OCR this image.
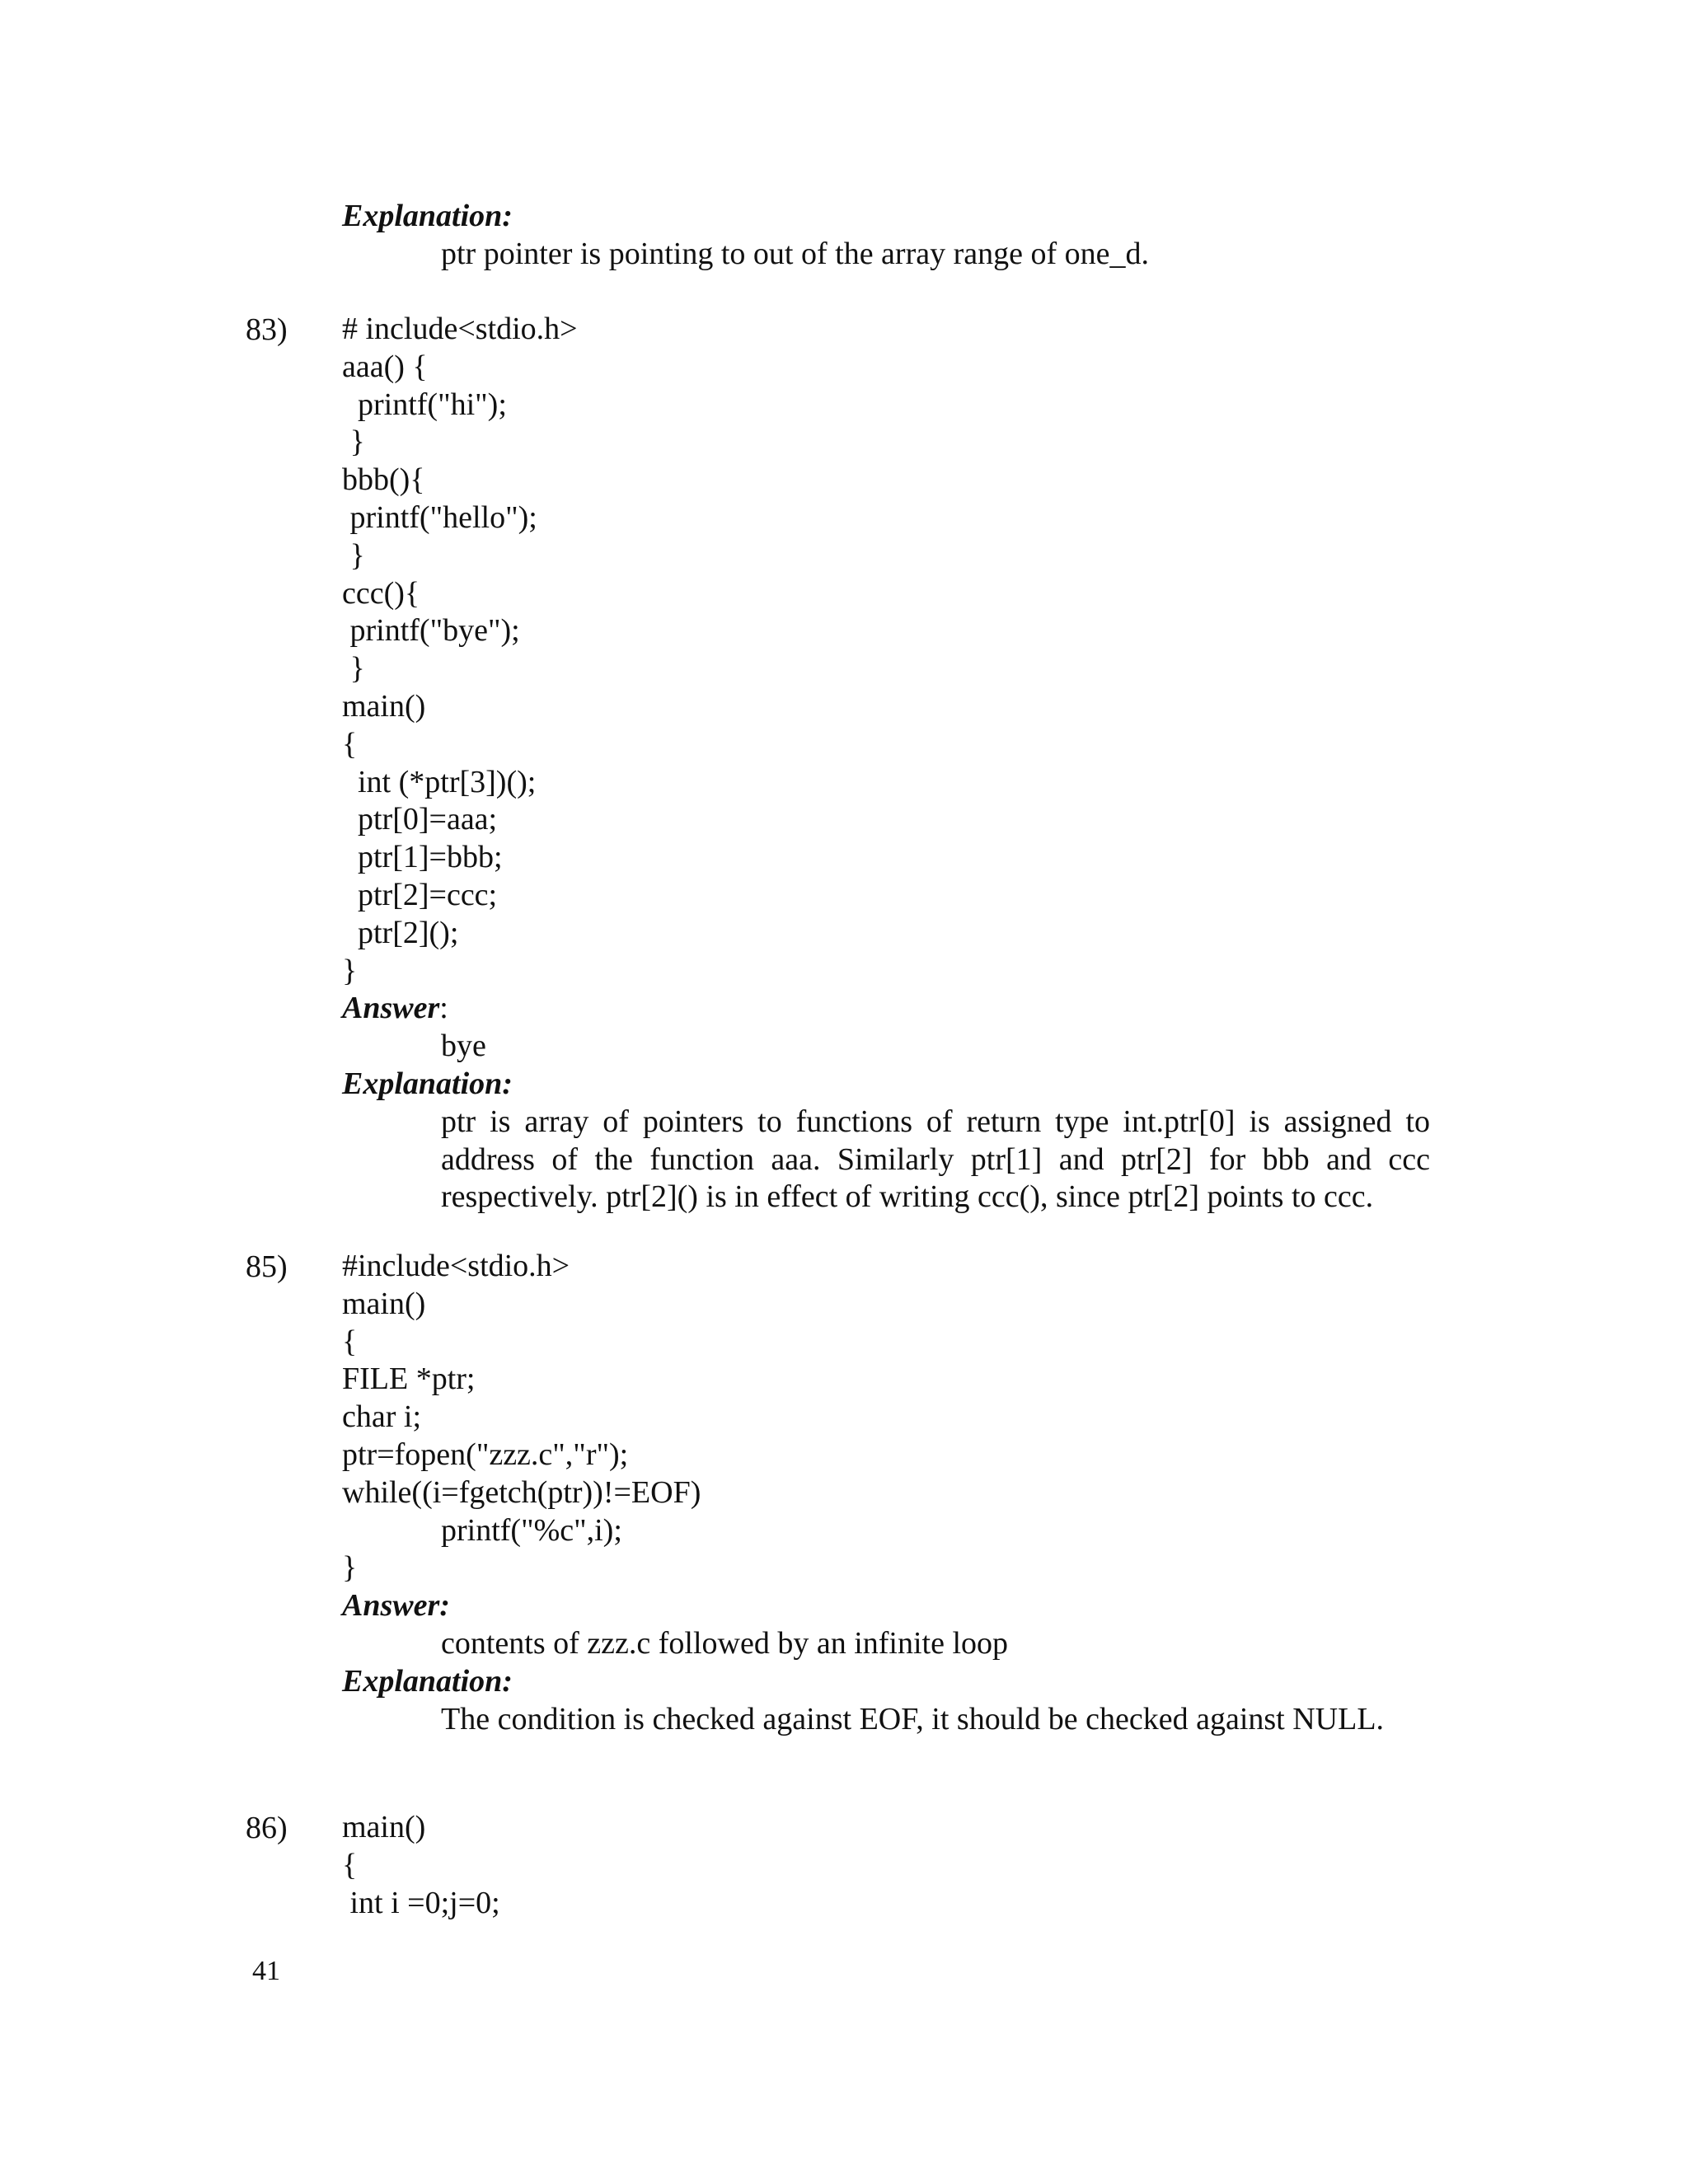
Explanation:
ptr pointer is pointing to out of the array range of one_d.
83) # include<stdio.h>
aaa() {
printf("hi");
}
bbb(){
printf("hello");
}
ccc(){
printf("bye");
}
main()
{
int (*ptr[3])();
ptr[0]=aaa;
ptr[1]=bbb;
ptr[2]=ccc;
ptr[2]();
}
Answer:
bye
Explanation:
ptr is array of pointers to functions of return type int.ptr[0] is assigned to address of the function aaa. Similarly ptr[1] and ptr[2] for bbb and ccc respectively. ptr[2]() is in effect of writing ccc(), since ptr[2] points to ccc.
85) #include<stdio.h>
main()
{
FILE *ptr;
char i;
ptr=fopen("zzz.c","r");
while((i=fgetch(ptr))!=EOF)
printf("%c",i);
}
Answer:
contents of zzz.c followed by an infinite loop
Explanation:
The condition is checked against EOF, it should be checked against NULL.
86) main()
{
int i =0;j=0;
41
